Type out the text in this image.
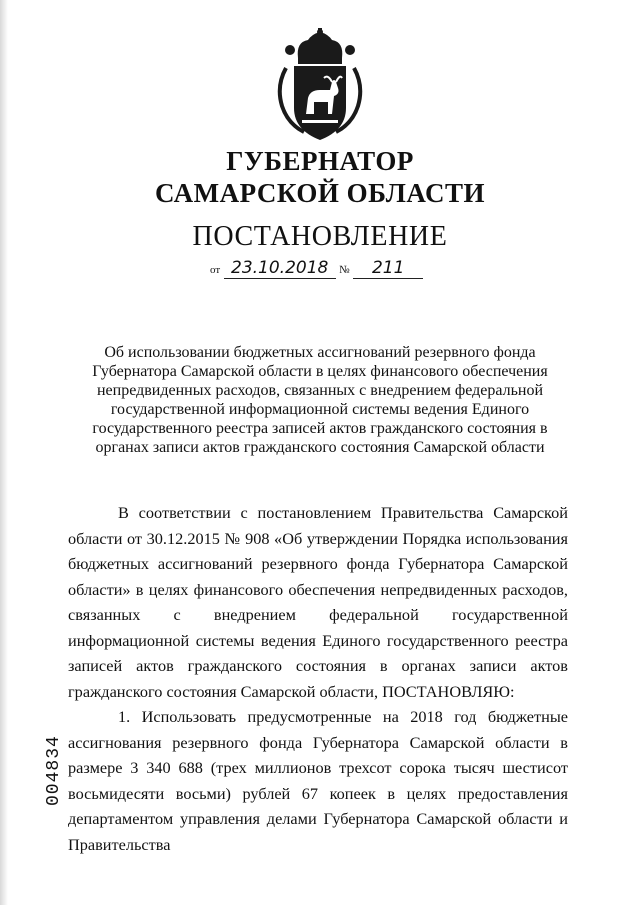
ГУБЕРНАТОР
САМАРСКОЙ ОБЛАСТИ
ПОСТАНОВЛЕНИЕ
от 23.10.2018 № 211
Об использовании бюджетных ассигнований резервного фонда Губернатора Самарской области в целях финансового обеспечения непредвиденных расходов, связанных с внедрением федеральной государственной информационной системы ведения Единого государственного реестра записей актов гражданского состояния в органах записи актов гражданского состояния Самарской области

В соответствии с постановлением Правительства Самарской области от 30.12.2015 № 908 «Об утверждении Порядка использования бюджетных ассигнований резервного фонда Губернатора Самарской области» в целях финансового обеспечения непредвиденных расходов, связанных с внедрением федеральной государственной информационной системы ведения Единого государственного реестра записей актов гражданского состояния в органах записи актов гражданского состояния Самарской области, ПОСТАНОВЛЯЮ:

1. Использовать предусмотренные на 2018 год бюджетные ассигнования резервного фонда Губернатора Самарской области в размере 3 340 688 (трех миллионов трехсот сорока тысяч шестисот восьмидесяти восьми) рублей 67 копеек в целях предоставления департаментом управления делами Губернатора Самарской области и Правительства

004834
